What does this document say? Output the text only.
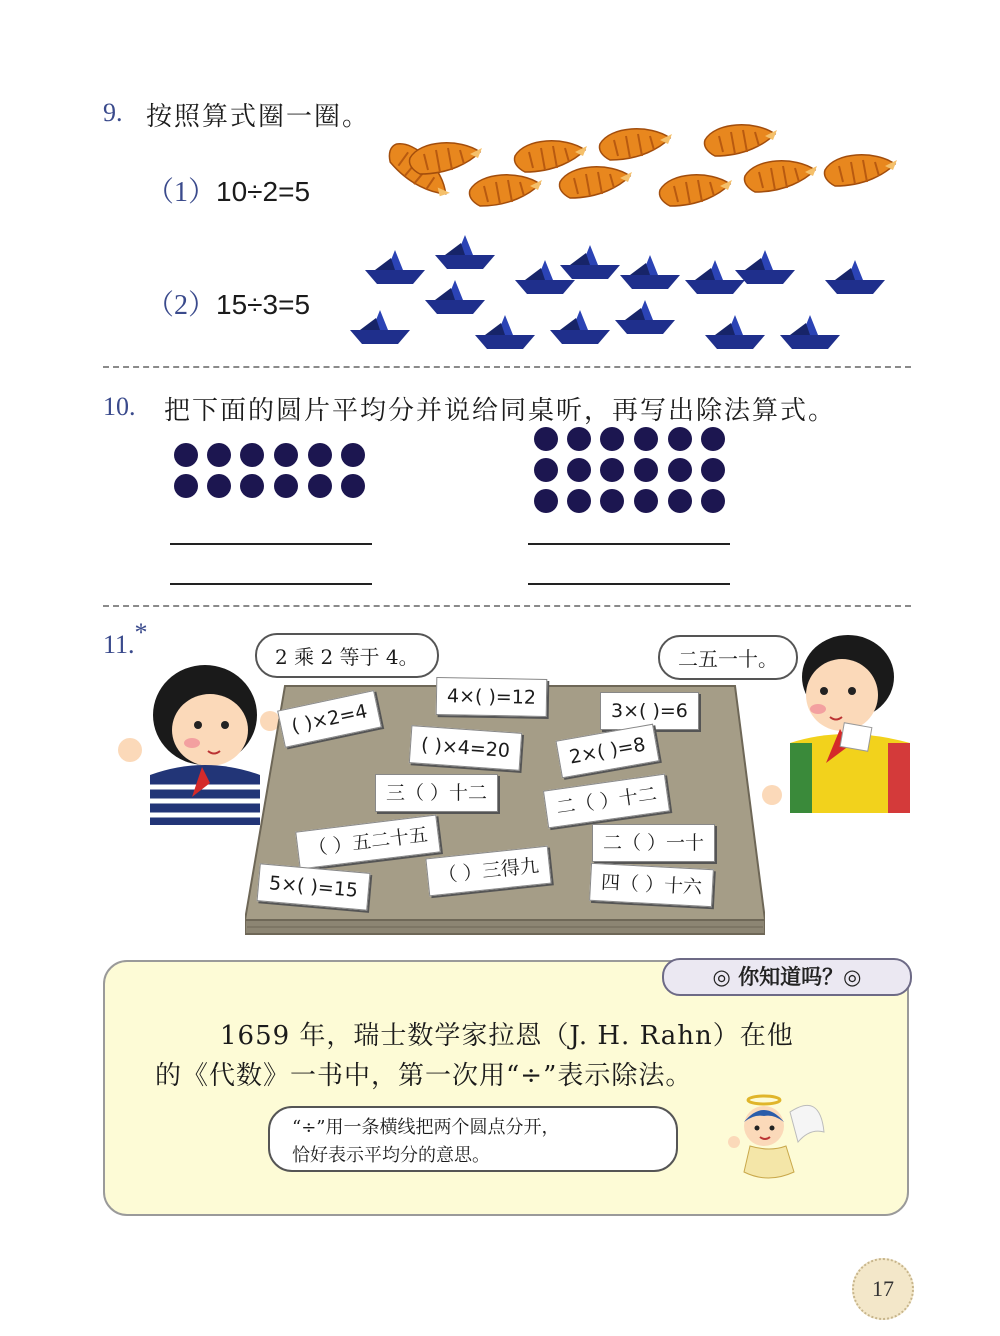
9. 按照算式圈一圈。
（1）10÷2=5
（2）15÷3=5
10. 把下面的圆片平均分并说给同桌听，再写出除法算式。
11.*
2 乘 2 等于 4。	二五一十。
( )×2=4
4×( )=12
3×( )=6
( )×4=20	2×( )=8
三（ ）十二	二（ ）十二
（ ）五二十五	二（ ）一十
（ ）三得九
5×( )=15	四（ ）十六
◎ 你知道吗？◎
1659 年，瑞士数学家拉恩（J. H. Rahn）在他
的《代数》一书中，第一次用“÷”表示除法。
“÷”用一条横线把两个圆点分开，
恰好表示平均分的意思。
17
